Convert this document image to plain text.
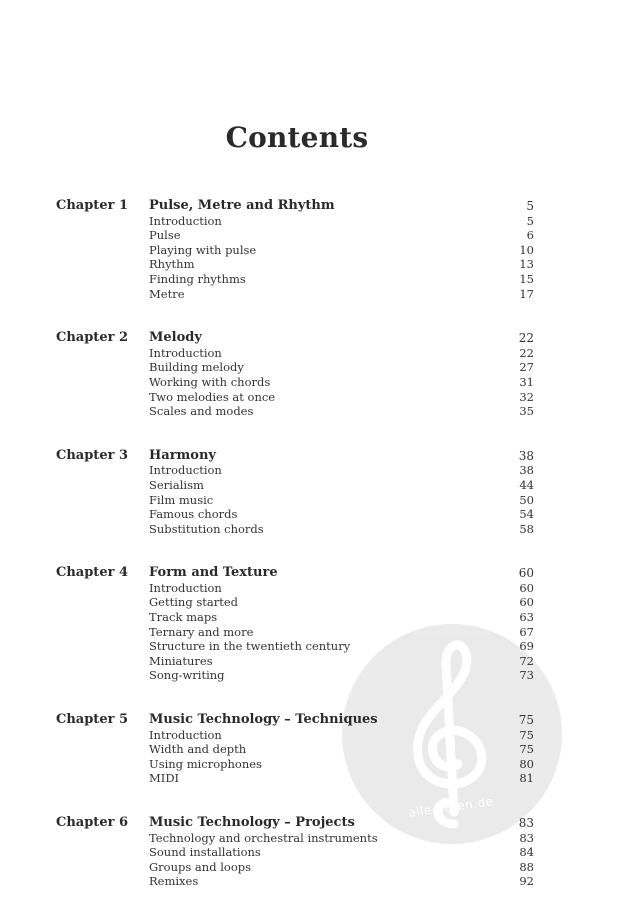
Contents
alle-noten.de
Chapter 1 Pulse, Metre and Rhythm	5
Introduction	5
Pulse	6
Playing with pulse	10
Rhythm	13
Finding rhythms	15
Metre	17
Chapter 2 Melody	22
Introduction	22
Building melody	27
Working with chords	31
Two melodies at once	32
Scales and modes	35
Chapter 3 Harmony	38
Introduction	38
Serialism	44
Film music	50
Famous chords	54
Substitution chords	58
Chapter 4 Form and Texture	60
Introduction	60
Getting started	60
Track maps	63
Ternary and more	67
Structure in the twentieth century	69
Miniatures	72
Song-writing	73
Chapter 5 Music Technology – Techniques	75
Introduction	75
Width and depth	75
Using microphones	80
MIDI	81
Chapter 6 Music Technology – Projects	83
Technology and orchestral instruments	83
Sound installations	84
Groups and loops	88
Remixes	92
